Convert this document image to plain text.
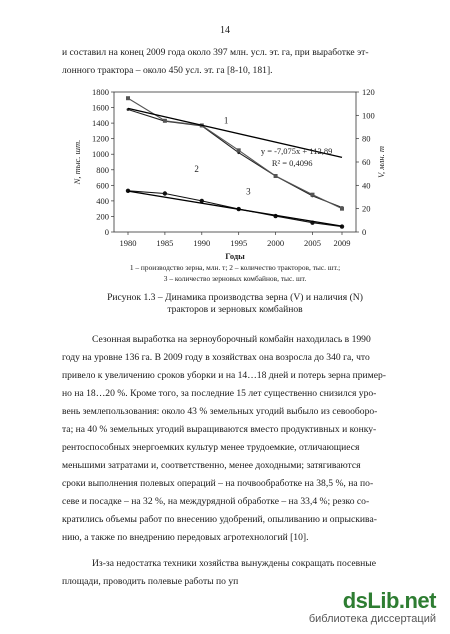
14
и составил на конец 2009 года около 397 млн. усл. эт. га, при выработке эт-
лонного трактора – около 450 усл. эт. га [8-10, 181].
0
200
400
600
800
1000
1200
1400
1600
1800
0
20
40
60
80
100
120
1980 1985 1990 1995 2000 2005 2009
Годы
N, тыс. шт.	V, млн. т
1
2
3
y = -7,075x + 112,89
R² = 0,4096
1 – производство зерна, млн. т; 2 – количество тракторов, тыс. шт.;
3 – количество зерновых комбайнов, тыс. шт.
Рисунок 1.3 – Динамика производства зерна (V) и наличия (N)
тракторов и зерновых комбайнов
Сезонная выработка на зерноуборочный комбайн находилась в 1990
году на уровне 136 га. В 2009 году в хозяйствах она возросла до 340 га, что
привело к увеличению сроков уборки и на 14…18 дней и потерь зерна пример-
но на 18…20 %. Кроме того, за последние 15 лет существенно снизился уро-
вень землепользования: около 43 % земельных угодий выбыло из севооборо-
та; на 40 % земельных угодий выращиваются вместо продуктивных и конку-
рентоспособных энергоемких культур менее трудоемкие, отличающиеся
меньшими затратами и, соответственно, менее доходными; затягиваются
сроки выполнения полевых операций – на почвообработке на 38,5 %, на по-
севе и посадке – на 32 %, на междурядной обработке – на 33,4 %; резко со-
кратились объемы работ по внесению удобрений, опыливанию и опрыскива-
нию, а также по внедрению передовых агротехнологий [10].
Из-за недостатка техники хозяйства вынуждены сокращать посевные
площади, проводить полевые работы по уп
dsLib.net
библиотека диссертаций
